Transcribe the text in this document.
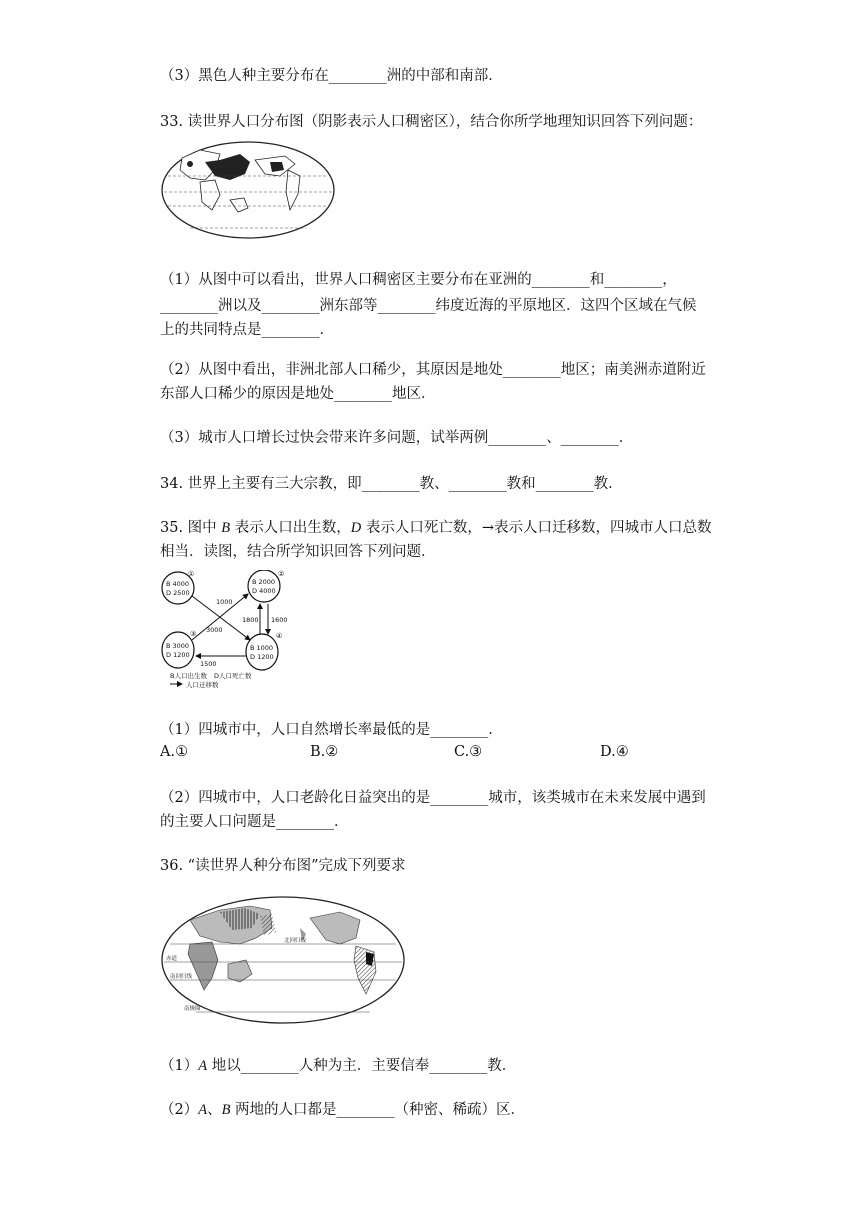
（3）黑色人种主要分布在________洲的中部和南部．
33. 读世界人口分布图（阴影表示人口稠密区），结合你所学地理知识回答下列问题：
（1）从图中可以看出，世界人口稠密区主要分布在亚洲的________和________，
________洲以及________洲东部等________纬度近海的平原地区．这四个区域在气候
上的共同特点是________．
（2）从图中看出，非洲北部人口稀少，其原因是地处________地区；南美洲赤道附近
东部人口稀少的原因是地处________地区．
（3）城市人口增长过快会带来许多问题，试举两例________、________．
34. 世界上主要有三大宗教，即________教、________教和________教．
35. 图中 B 表示人口出生数，D 表示人口死亡数，→表示人口迁移数，四城市人口总数
相当．读图，结合所学知识回答下列问题．
①
B 4000
D 2500
②
B 2000
D 4000
③
B 3000
D 1200
④
B 1000
D 1200
1000
3000
1800 1600
1500
B人口出生数 D人口死亡数
人口迁移数
（1）四城市中，人口自然增长率最低的是________．
A.①	B.②	C.③	D.④
（2）四城市中，人口老龄化日益突出的是________城市，该类城市在未来发展中遇到
的主要人口问题是________．
36. “读世界人种分布图”完成下列要求
北回归线
赤道
南回归线
南极圈
（1）A 地以________人种为主．主要信奉________教．
（2）A、B 两地的人口都是________（种密、稀疏）区．
